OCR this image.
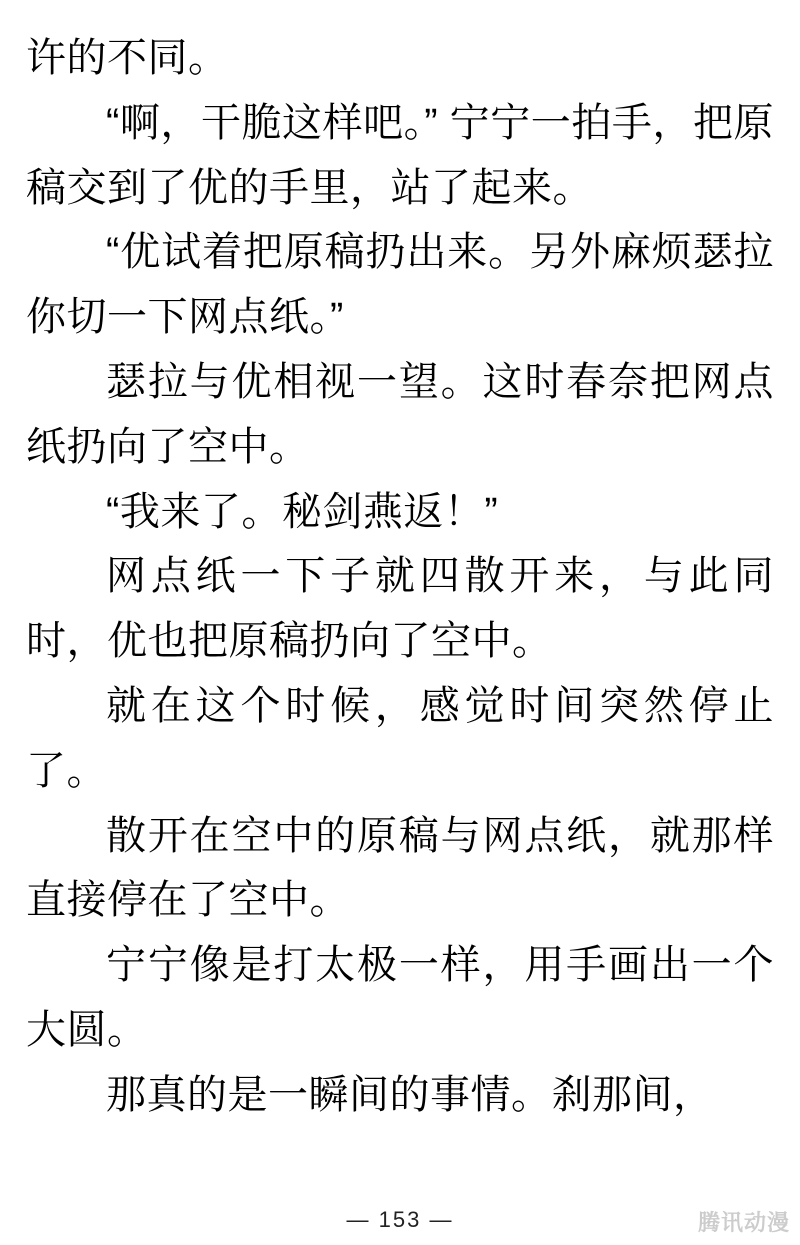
许的不同。

“啊，干脆这样吧。” 宁宁一拍手，把原稿交到了优的手里，站了起来。

“优试着把原稿扔出来。另外麻烦瑟拉你切一下网点纸。”

瑟拉与优相视一望。这时春奈把网点纸扔向了空中。

“我来了。秘剑燕返！”

网点纸一下子就四散开来，与此同时，优也把原稿扔向了空中。

就在这个时候，感觉时间突然停止了。

散开在空中的原稿与网点纸，就那样直接停在了空中。

宁宁像是打太极一样，用手画出一个大圆。

那真的是一瞬间的事情。刹那间，

— 153 —	腾讯动漫
